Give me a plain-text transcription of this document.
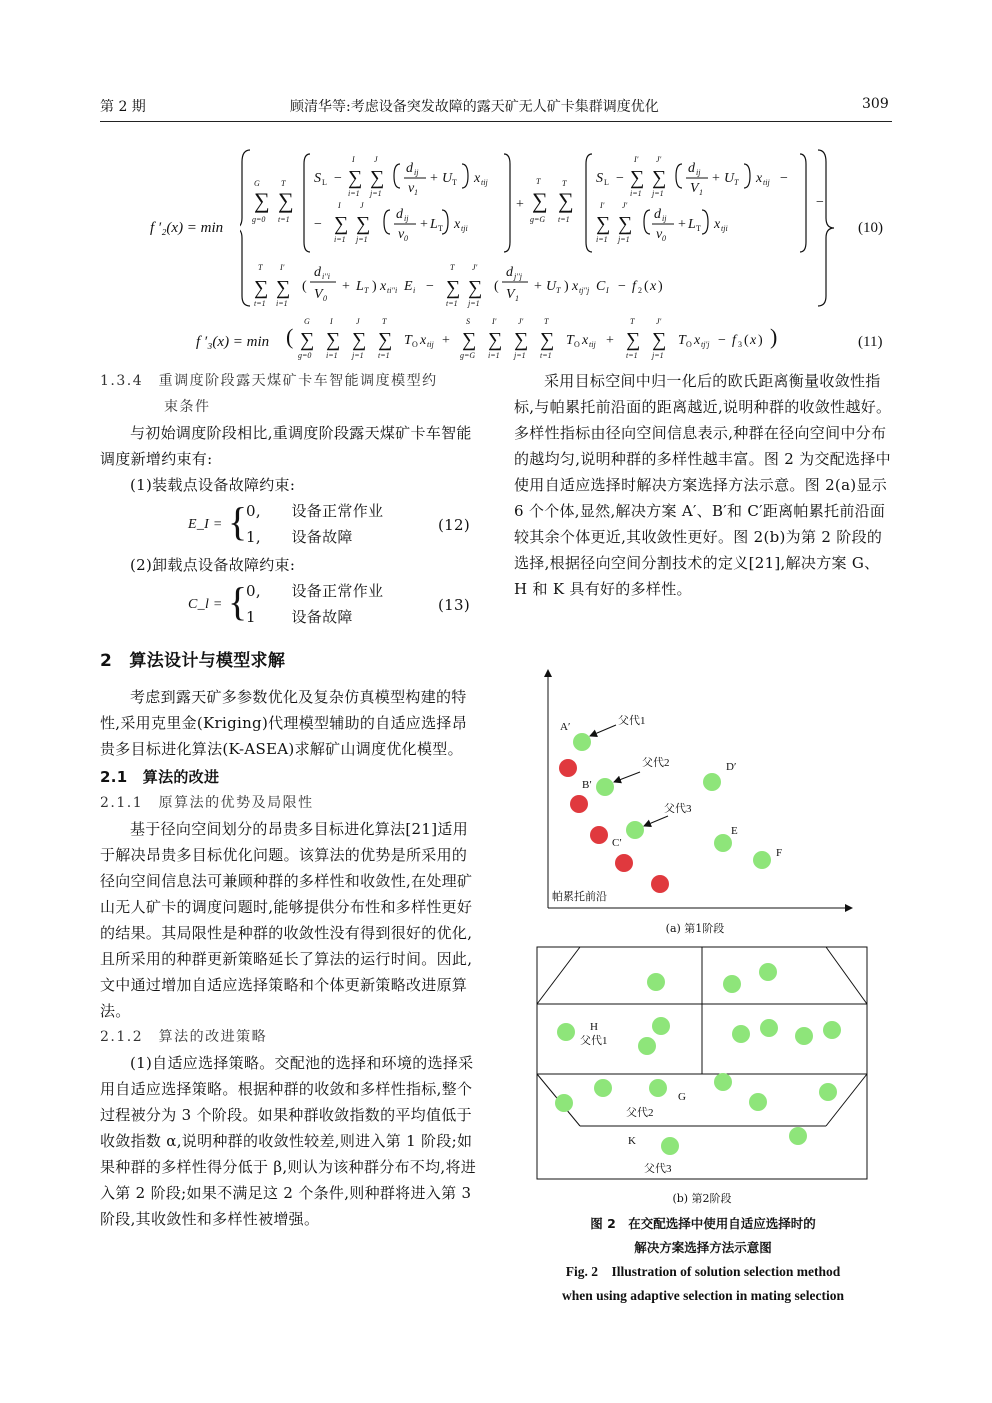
第 2 期	顾清华等:考虑设备突发故障的露天矿无人矿卡集群调度优化	309
f ′₂(x) = min
∑
G
g=0
∑
T
t=1
S L − ∑
I
i=1
∑
J
j=1
d ij
v 1
+ U T x tij
− ∑
I
i=1
∑
J
j=1
d ij
v 0
+ L T x tji
+ ∑
T
g=G
∑
T
t=1
S L − ∑
I′
i=1
∑
J′
j=1
d ij
V 1
+ U T x tij −
∑
I′
i=1
∑
J′
j=1
d ij
v 0
+ L T x tji
−
∑
T
t=1
∑
I′
i=1
(
d i′′i
V 0
+ L T ) x ti′′i E i − ∑
T
t=1
∑
J′
j=1
(
d j′′j
V 1
+ U T ) x tj′′j C I − f 2 ( x )
(10)
f ′₃(x) = min ( ∑
G
g=0
∑
I
i=1
∑
J
j=1
∑
T
t=1
T O x tij + ∑
S
g=G
∑
I′
i=1
∑
J′
j=1
∑
T
t=1
T O x tij + ∑
T
t=1
∑
J′
j=1
T O x tj′j − f 3 ( x ) )	(11)
1.3.4　重调度阶段露天煤矿卡车智能调度模型约
束条件

与初始调度阶段相比,重调度阶段露天煤矿卡车智能调度新增约束有:

(1)装载点设备故障约束:

E_I = {
0,　　设备正常作业
1,　　设备故障
(12)

(2)卸载点设备故障约束:

C_l = {
0,　　设备正常作业
1　　 设备故障
(13)
2　算法设计与模型求解

考虑到露天矿多参数优化及复杂仿真模型构建的特性,采用克里金(Kriging)代理模型辅助的自适应选择昂贵多目标进化算法(K-ASEA)求解矿山调度优化模型。

2.1　算法的改进
2.1.1　原算法的优势及局限性

基于径向空间划分的昂贵多目标进化算法[21]适用于解决昂贵多目标优化问题。该算法的优势是所采用的径向空间信息法可兼顾种群的多样性和收敛性,在处理矿山无人矿卡的调度问题时,能够提供分布性和多样性更好的结果。其局限性是种群的收敛性没有得到很好的优化,且所采用的种群更新策略延长了算法的运行时间。因此,文中通过增加自适应选择策略和个体更新策略改进原算法。

2.1.2　算法的改进策略

(1)自适应选择策略。交配池的选择和环境的选择采用自适应选择策略。根据种群的收敛和多样性指标,整个过程被分为 3 个阶段。如果种群收敛指数的平均值低于收敛指数 α,说明种群的收敛性较差,则进入第 1 阶段;如果种群的多样性得分低于 β,则认为该种群分布不均,将进入第 2 阶段;如果不满足这 2 个条件,则种群将进入第 3 阶段,其收敛性和多样性被增强。

采用目标空间中归一化后的欧氏距离衡量收敛性指标,与帕累托前沿面的距离越近,说明种群的收敛性越好。多样性指标由径向空间信息表示,种群在径向空间中分布的越均匀,说明种群的多样性越丰富。图 2 为交配选择中使用自适应选择时解决方案选择方法示意。图 2(a)显示 6 个个体,显然,解决方案 A′、B′和 C′距离帕累托前沿面较其余个体更近,其收敛性更好。图 2(b)为第 2 阶段的选择,根据径向空间分割技术的定义[21],解决方案 G、H 和 K 具有好的多样性。

A′	父代1
B′
父代2	D′
父代3
E
C′
F
帕累托前沿
(a) 第1阶段
H
父代1
G
父代2
K
父代3
(b) 第2阶段
图 2　在交配选择中使用自适应选择时的
解决方案选择方法示意图
Fig. 2　Illustration of solution selection method
when using adaptive selection in mating selection
